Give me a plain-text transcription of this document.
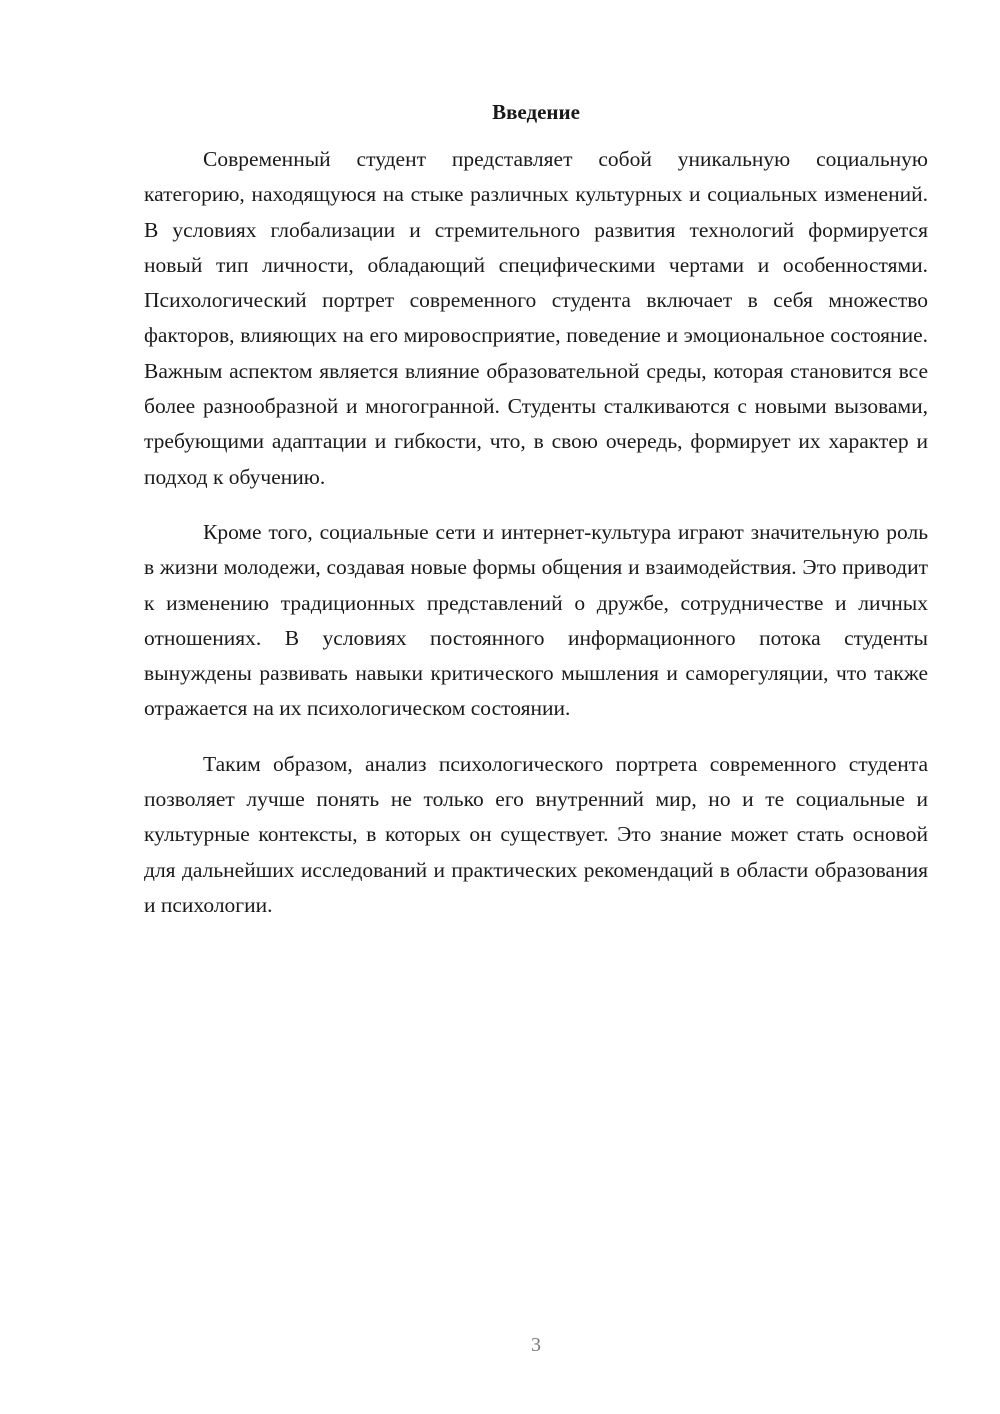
Введение

Современный студент представляет собой уникальную социальную категорию, находящуюся на стыке различных культурных и социальных изменений. В условиях глобализации и стремительного развития технологий формируется новый тип личности, обладающий специфическими чертами и особенностями. Психологический портрет современного студента включает в себя множество факторов, влияющих на его мировосприятие, поведение и эмоциональное состояние. Важным аспектом является влияние образовательной среды, которая становится все более разнообразной и многогранной. Студенты сталкиваются с новыми вызовами, требующими адаптации и гибкости, что, в свою очередь, формирует их характер и подход к обучению.

Кроме того, социальные сети и интернет-культура играют значительную роль в жизни молодежи, создавая новые формы общения и взаимодействия. Это приводит к изменению традиционных представлений о дружбе, сотрудничестве и личных отношениях. В условиях постоянного информационного потока студенты вынуждены развивать навыки критического мышления и саморегуляции, что также отражается на их психологическом состоянии.

Таким образом, анализ психологического портрета современного студента позволяет лучше понять не только его внутренний мир, но и те социальные и культурные контексты, в которых он существует. Это знание может стать основой для дальнейших исследований и практических рекомендаций в области образования и психологии.

3
